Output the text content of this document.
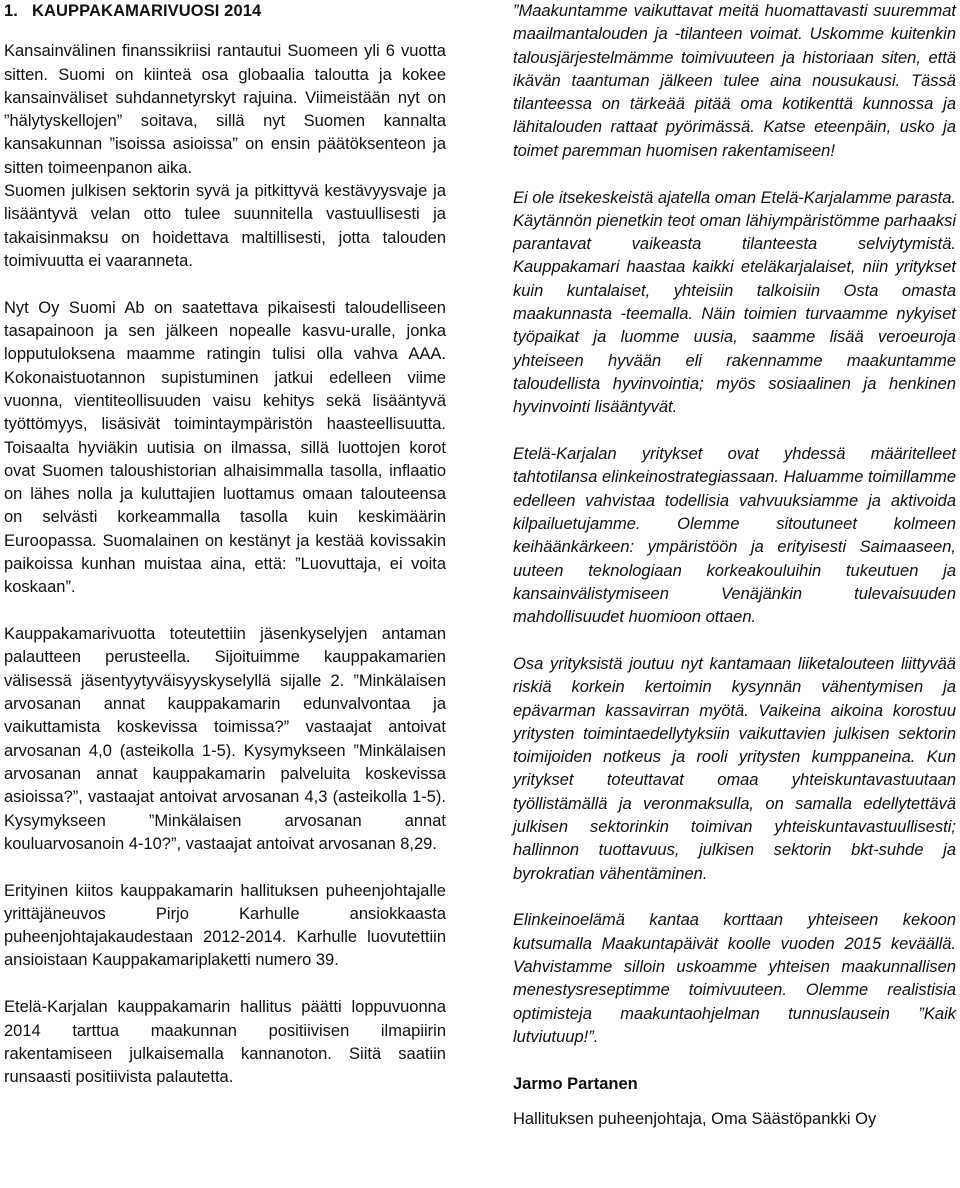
1. KAUPPAKAMARIVUOSI 2014

Kansainvälinen finanssikriisi rantautui Suomeen yli 6 vuotta sitten. Suomi on kiinteä osa globaalia taloutta ja kokee kansainväliset suhdannetyrskyt rajuina. Viimeistään nyt on ”hälytyskellojen” soitava, sillä nyt Suomen kannalta kansakunnan ”isoissa asioissa” on ensin päätöksenteon ja sitten toimeenpanon aika.

Suomen julkisen sektorin syvä ja pitkittyvä kestävyysvaje ja lisääntyvä velan otto tulee suunnitella vastuullisesti ja takaisinmaksu on hoidettava maltillisesti, jotta talouden toimivuutta ei vaaranneta.

Nyt Oy Suomi Ab on saatettava pikaisesti taloudelliseen tasapainoon ja sen jälkeen nopealle kasvu-uralle, jonka lopputuloksena maamme ratingin tulisi olla vahva AAA. Kokonaistuotannon supistuminen jatkui edelleen viime vuonna, vientiteollisuuden vaisu kehitys sekä lisääntyvä työttömyys, lisäsivät toimintaympäristön haasteellisuutta. Toisaalta hyviäkin uutisia on ilmassa, sillä luottojen korot ovat Suomen taloushistorian alhaisimmalla tasolla, inflaatio on lähes nolla ja kuluttajien luottamus omaan talouteensa on selvästi korkeammalla tasolla kuin keskimäärin Euroopassa. Suomalainen on kestänyt ja kestää kovissakin paikoissa kunhan muistaa aina, että: ”Luovuttaja, ei voita koskaan”.

Kauppakamarivuotta toteutettiin jäsenkyselyjen antaman palautteen perusteella. Sijoituimme kauppakamarien välisessä jäsentyytyväisyyskyselyllä sijalle 2. ”Minkälaisen arvosanan annat kauppakamarin edunvalvontaa ja vaikuttamista koskevissa toimissa?” vastaajat antoivat arvosanan 4,0 (asteikolla 1-5). Kysymykseen ”Minkälaisen arvosanan annat kauppakamarin palveluita koskevissa asioissa?”, vastaajat antoivat arvosanan 4,3 (asteikolla 1-5). Kysymykseen ”Minkälaisen arvosanan annat kouluarvosanoin 4-10?”, vastaajat antoivat arvosanan 8,29.

Erityinen kiitos kauppakamarin hallituksen puheenjohtajalle yrittäjäneuvos Pirjo Karhulle ansiokkaasta puheenjohtajakaudestaan 2012-2014. Karhulle luovutettiin ansioistaan Kauppakamariplaketti numero 39.

Etelä-Karjalan kauppakamarin hallitus päätti loppuvuonna 2014 tarttua maakunnan positiivisen ilmapiirin rakentamiseen julkaisemalla kannanoton. Siitä saatiin runsaasti positiivista palautetta.

”Maakuntamme vaikuttavat meitä huomattavasti suuremmat maailmantalouden ja -tilanteen voimat. Uskomme kuitenkin talousjärjestelmämme toimivuuteen ja historiaan siten, että ikävän taantuman jälkeen tulee aina nousukausi. Tässä tilanteessa on tärkeää pitää oma kotikenttä kunnossa ja lähitalouden rattaat pyörimässä. Katse eteenpäin, usko ja toimet paremman huomisen rakentamiseen!

Ei ole itsekeskeistä ajatella oman Etelä-Karjalamme parasta. Käytännön pienetkin teot oman lähiympäristömme parhaaksi parantavat vaikeasta tilanteesta selviytymistä. Kauppakamari haastaa kaikki eteläkarjalaiset, niin yritykset kuin kuntalaiset, yhteisiin talkoisiin Osta omasta maakunnasta -teemalla. Näin toimien turvaamme nykyiset työpaikat ja luomme uusia, saamme lisää veroeuroja yhteiseen hyvään eli rakennamme maakuntamme taloudellista hyvinvointia; myös sosiaalinen ja henkinen hyvinvointi lisääntyvät.

Etelä-Karjalan yritykset ovat yhdessä määritelleet tahtotilansa elinkeinostrategiassaan. Haluamme toimillamme edelleen vahvistaa todellisia vahvuuksiamme ja aktivoida kilpailuetujamme. Olemme sitoutuneet kolmeen keihäänkärkeen: ympäristöön ja erityisesti Saimaaseen, uuteen teknologiaan korkeakouluihin tukeutuen ja kansainvälistymiseen Venäjänkin tulevaisuuden mahdollisuudet huomioon ottaen.

Osa yrityksistä joutuu nyt kantamaan liiketalouteen liittyvää riskiä korkein kertoimin kysynnän vähentymisen ja epävarman kassavirran myötä. Vaikeina aikoina korostuu yritysten toimintaedellytyksiin vaikuttavien julkisen sektorin toimijoiden notkeus ja rooli yritysten kumppaneina. Kun yritykset toteuttavat omaa yhteiskuntavastuutaan työllistämällä ja veronmaksulla, on samalla edellytettävä julkisen sektorinkin toimivan yhteiskuntavastuullisesti; hallinnon tuottavuus, julkisen sektorin bkt-suhde ja byrokratian vähentäminen.

Elinkeinoelämä kantaa korttaan yhteiseen kekoon kutsumalla Maakuntapäivät koolle vuoden 2015 keväällä. Vahvistamme silloin uskoamme yhteisen maakunnallisen menestysreseptimme toimivuuteen. Olemme realistisia optimisteja maakuntaohjelman tunnuslausein ”Kaik lutviutuup!”.

Jarmo Partanen

Hallituksen puheenjohtaja, Oma Säästöpankki Oy
